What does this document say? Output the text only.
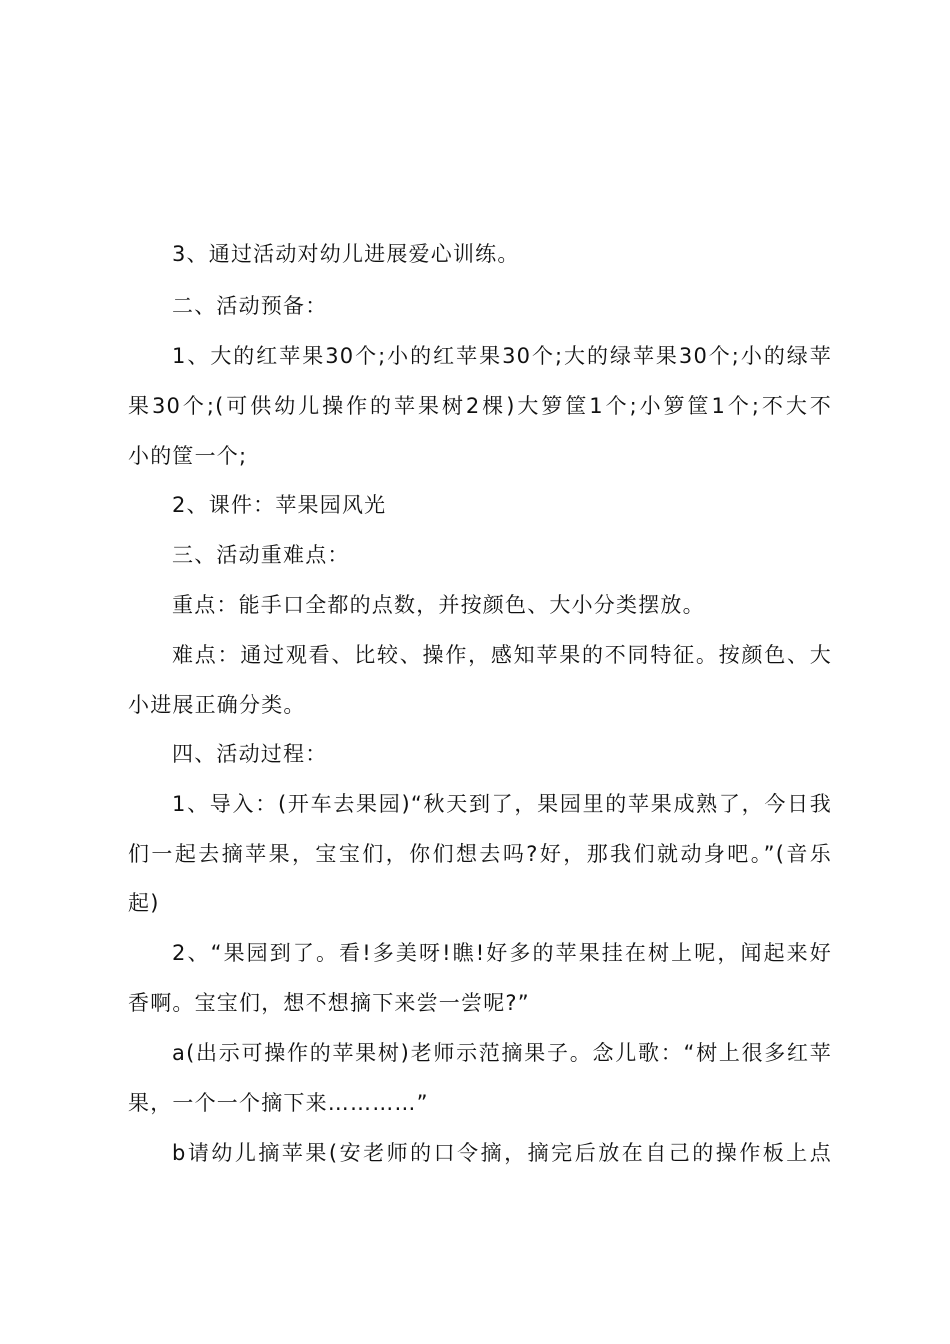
3、通过活动对幼儿进展爱心训练。
二、活动预备：
1、大的红苹果30个;小的红苹果30个;大的绿苹果30个;小的绿苹
果30个;(可供幼儿操作的苹果树2棵)大箩筐1个;小箩筐1个;不大不
小的筐一个;
2、课件：苹果园风光
三、活动重难点：
重点：能手口全都的点数，并按颜色、大小分类摆放。
难点：通过观看、比较、操作，感知苹果的不同特征。按颜色、大
小进展正确分类。
四、活动过程：
1、导入：(开车去果园)“秋天到了，果园里的苹果成熟了，今日我
们一起去摘苹果，宝宝们，你们想去吗?好，那我们就动身吧。”(音乐
起)
2、“果园到了。看!多美呀!瞧!好多的苹果挂在树上呢，闻起来好
香啊。宝宝们，想不想摘下来尝一尝呢?”
a(出示可操作的苹果树)老师示范摘果子。念儿歌：“树上很多红苹
果，一个一个摘下来…………”
b请幼儿摘苹果(安老师的口令摘，摘完后放在自己的操作板上点
